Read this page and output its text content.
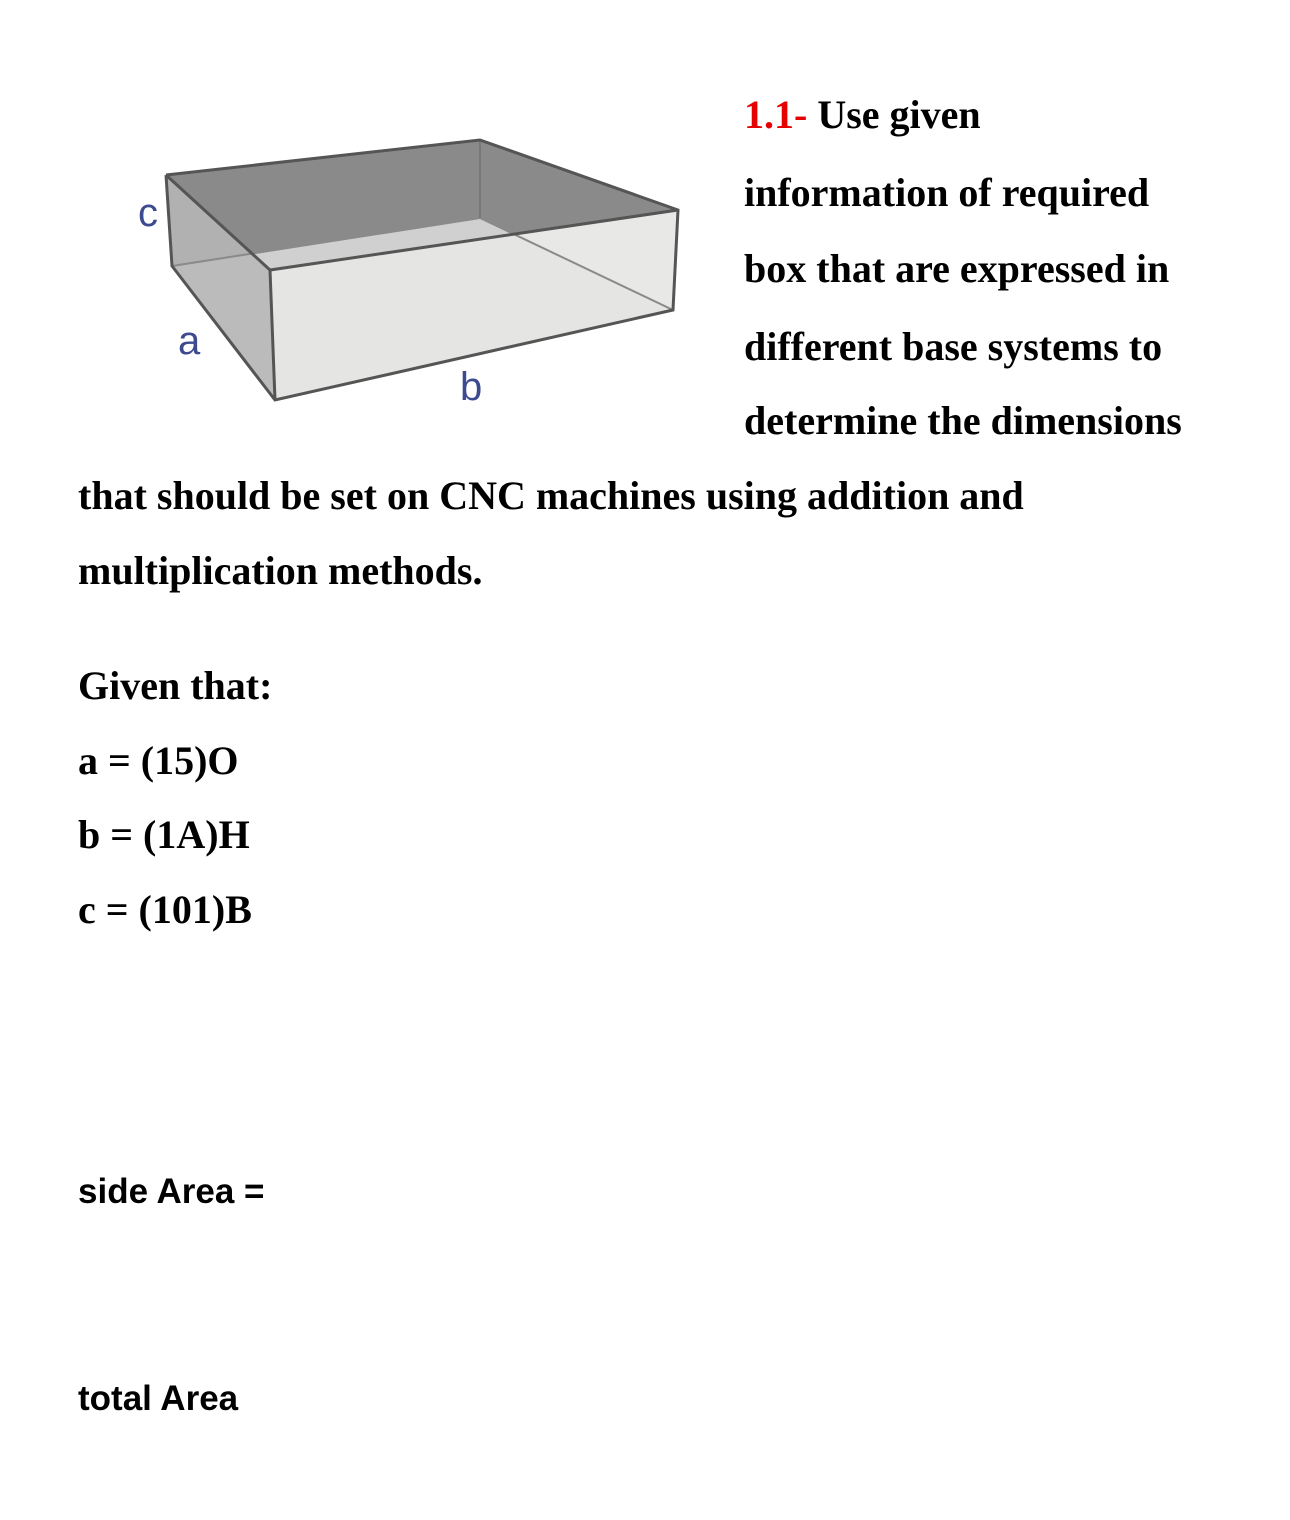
c
a
b
1.1- Use given
information of required
box that are expressed in
different base systems to
determine the dimensions
that should be set on CNC machines using addition and
multiplication methods.
Given that:
a = (15)O
b = (1A)H
c = (101)B
side Area =
total Area
